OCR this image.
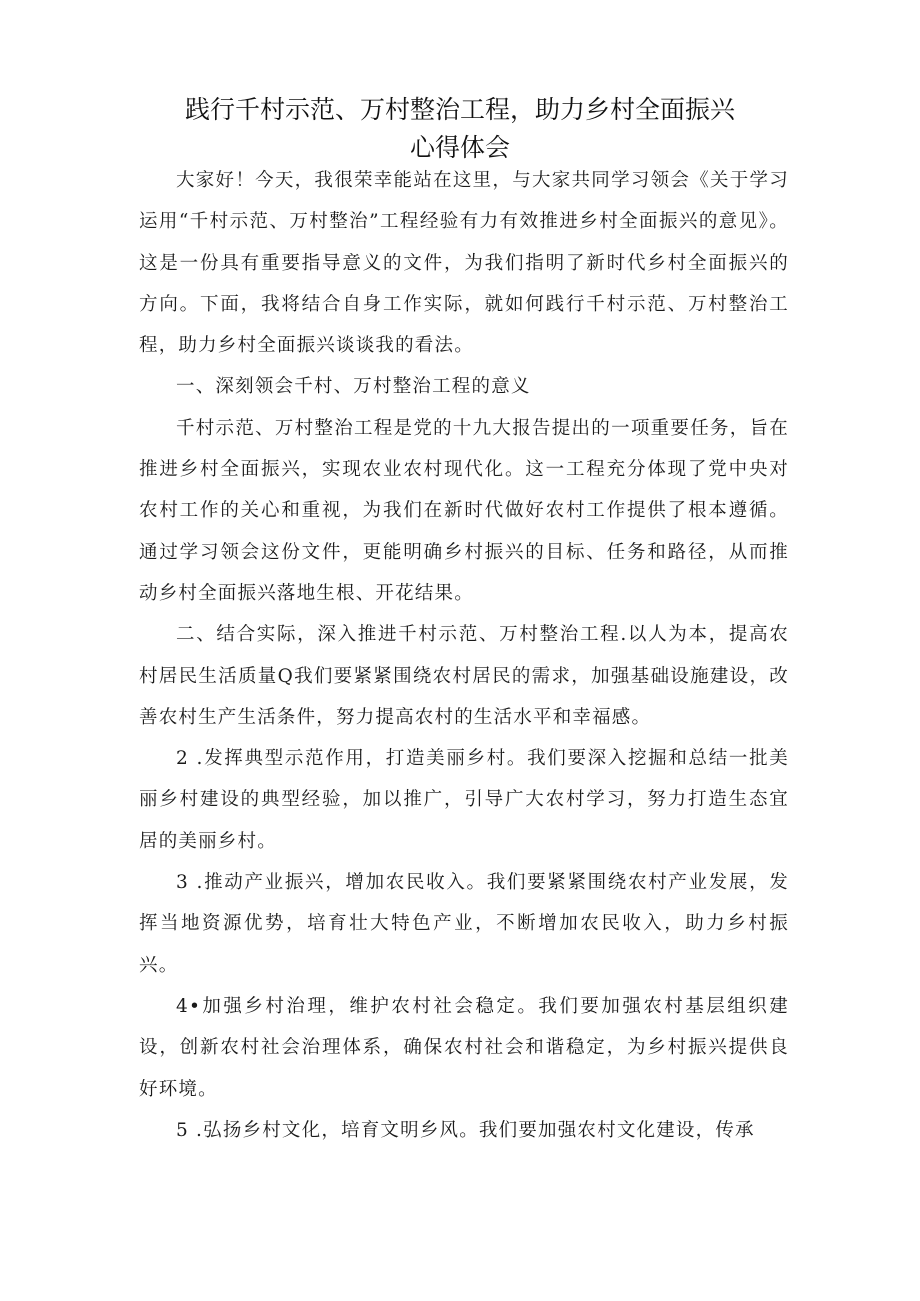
践行千村示范、万村整治工程，助力乡村全面振兴
心得体会

大家好！今天，我很荣幸能站在这里，与大家共同学习领会《关于学习运用“千村示范、万村整治”工程经验有力有效推进乡村全面振兴的意见》。这是一份具有重要指导意义的文件，为我们指明了新时代乡村全面振兴的方向。下面，我将结合自身工作实际，就如何践行千村示范、万村整治工程，助力乡村全面振兴谈谈我的看法。

一、深刻领会千村、万村整治工程的意义

千村示范、万村整治工程是党的十九大报告提出的一项重要任务，旨在推进乡村全面振兴，实现农业农村现代化。这一工程充分体现了党中央对农村工作的关心和重视，为我们在新时代做好农村工作提供了根本遵循。通过学习领会这份文件，更能明确乡村振兴的目标、任务和路径，从而推动乡村全面振兴落地生根、开花结果。

二、结合实际，深入推进千村示范、万村整治工程.以人为本，提高农村居民生活质量Q我们要紧紧围绕农村居民的需求，加强基础设施建设，改善农村生产生活条件，努力提高农村的生活水平和幸福感。

2 .发挥典型示范作用，打造美丽乡村。我们要深入挖掘和总结一批美丽乡村建设的典型经验，加以推广，引导广大农村学习，努力打造生态宜居的美丽乡村。

3 .推动产业振兴，增加农民收入。我们要紧紧围绕农村产业发展，发挥当地资源优势，培育壮大特色产业，不断增加农民收入，助力乡村振兴。

4•加强乡村治理，维护农村社会稳定。我们要加强农村基层组织建设，创新农村社会治理体系，确保农村社会和谐稳定，为乡村振兴提供良好环境。

5 .弘扬乡村文化，培育文明乡风。我们要加强农村文化建设，传承
